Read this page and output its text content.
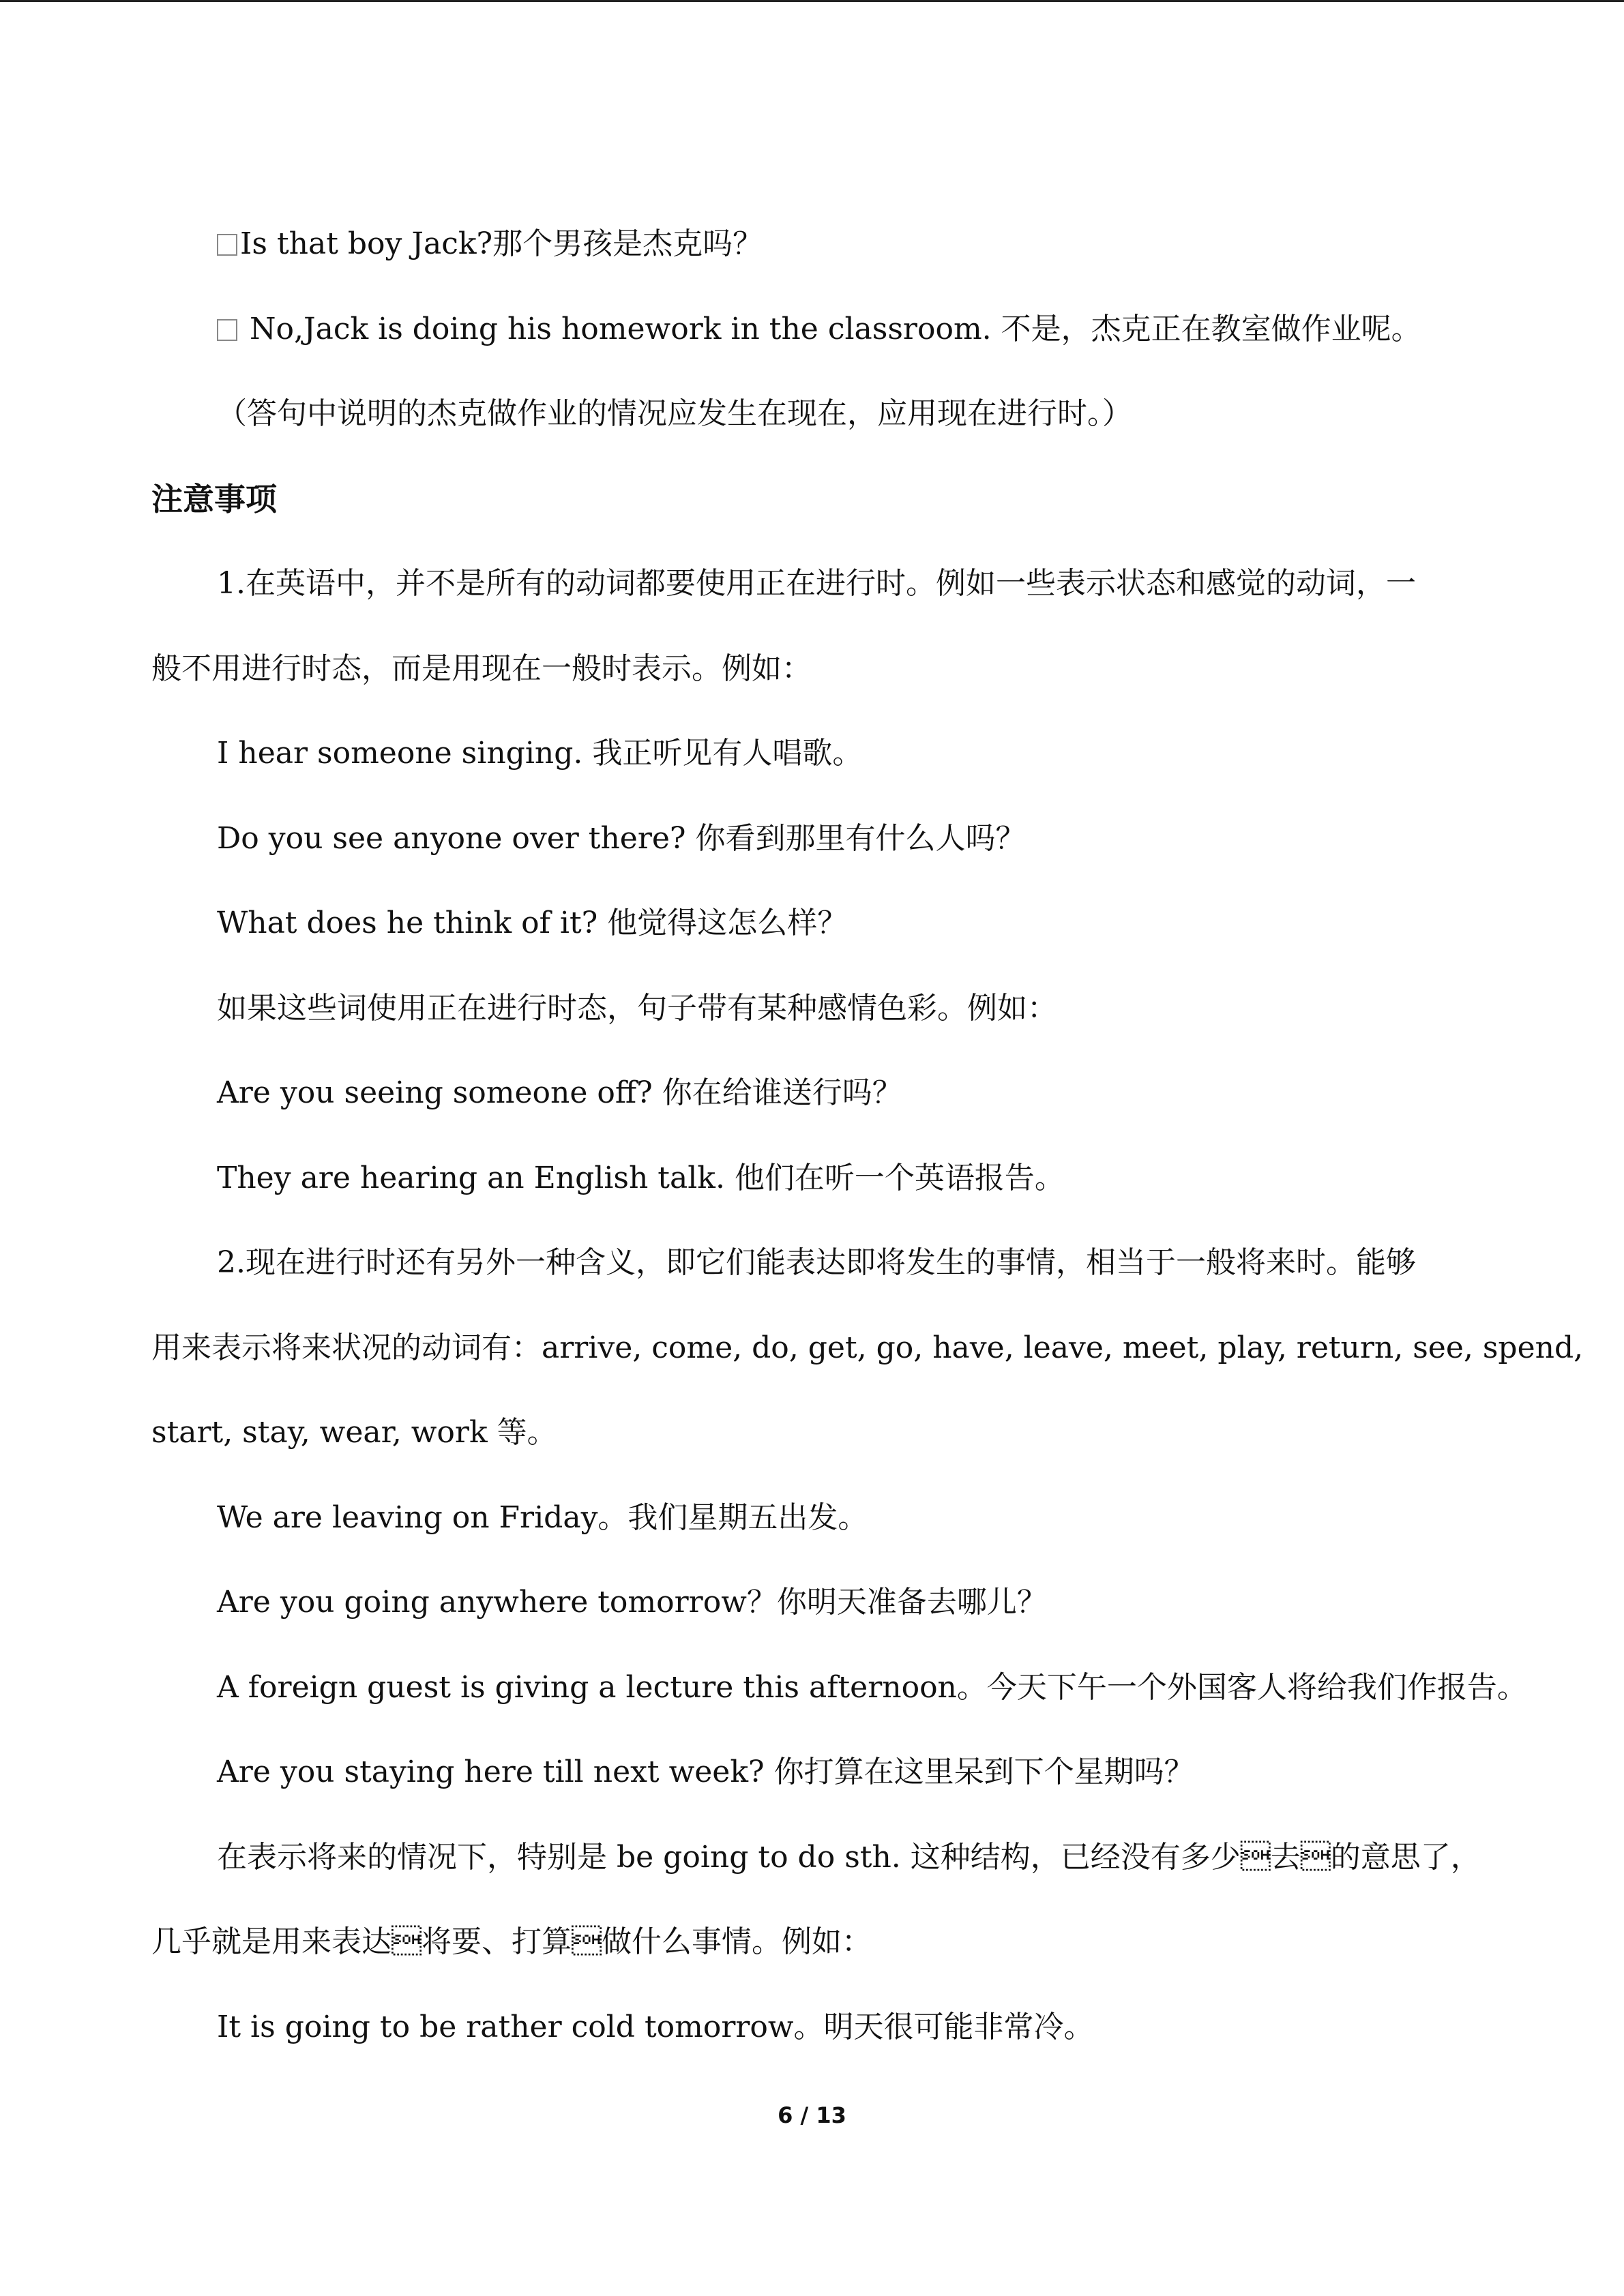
Is that boy Jack?那个男孩是杰克吗？
No,Jack is doing his homework in the classroom. 不是，杰克正在教室做作业呢。
（答句中说明的杰克做作业的情况应发生在现在，应用现在进行时。）
注意事项
1.在英语中，并不是所有的动词都要使用正在进行时。例如一些表示状态和感觉的动词，一
般不用进行时态，而是用现在一般时表示。例如：
I hear someone singing. 我正听见有人唱歌。
Do you see anyone over there? 你看到那里有什么人吗？
What does he think of it? 他觉得这怎么样？
如果这些词使用正在进行时态，句子带有某种感情色彩。例如：
Are you seeing someone off? 你在给谁送行吗？
They are hearing an English talk. 他们在听一个英语报告。
2.现在进行时还有另外一种含义，即它们能表达即将发生的事情，相当于一般将来时。能够
用来表示将来状况的动词有：arrive, come, do, get, go, have, leave, meet, play, return, see, spend,
start, stay, wear, work 等。
We are leaving on Friday。我们星期五出发。
Are you going anywhere tomorrow？你明天准备去哪儿？
A foreign guest is giving a lecture this afternoon。今天下午一个外国客人将给我们作报告。
Are you staying here till next week? 你打算在这里呆到下个星期吗？
在表示将来的情况下，特别是 be going to do sth. 这种结构，已经没有多少去的意思了，
几乎就是用来表达将要、打算做什么事情。例如：
It is going to be rather cold tomorrow。明天很可能非常冷。
6 / 13
